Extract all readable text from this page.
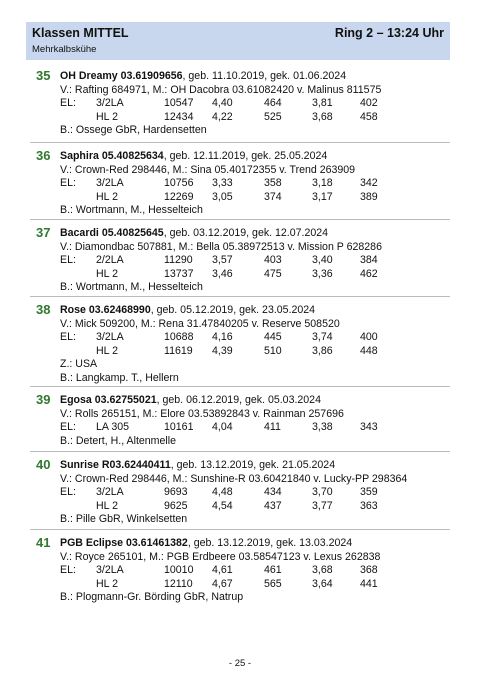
Klassen MITTEL	Ring 2 – 13:24 Uhr
Mehrkalbskühe
35 OH Dreamy 03.61909656, geb. 11.10.2019, gek. 01.06.2024
V.: Rafting 684971, M.: OH Dacobra 03.61082420 v. Malinus 811575
EL: 3/2LA	10547 4,40	464	3,81	402
HL 2	12434 4,22	525	3,68	458
B.: Ossege GbR, Hardensetten
36 Saphira 05.40825634, geb. 12.11.2019, gek. 25.05.2024
V.: Crown-Red 298446, M.: Sina 05.40172355 v. Trend 263909
EL: 3/2LA	10756 3,33	358	3,18	342
HL 2	12269 3,05	374	3,17	389
B.: Wortmann, M., Hesselteich
37 Bacardi 05.40825645, geb. 03.12.2019, gek. 12.07.2024
V.: Diamondbac 507881, M.: Bella 05.38972513 v. Mission P 628286
EL: 2/2LA	11290 3,57	403	3,40	384
HL 2	13737 3,46	475	3,36	462
B.: Wortmann, M., Hesselteich
38 Rose 03.62468990, geb. 05.12.2019, gek. 23.05.2024
V.: Mick 509200, M.: Rena 31.47840205 v. Reserve 508520
EL: 3/2LA	10688 4,16	445	3,74	400
HL 2	11619 4,39	510	3,86	448
Z.: USA
B.: Langkamp. T., Hellern
39 Egosa 03.62755021, geb. 06.12.2019, gek. 05.03.2024
V.: Rolls 265151, M.: Elore 03.53892843 v. Rainman 257696
EL: LA 305	10161 4,04	411	3,38	343
B.: Detert, H., Altenmelle
40 Sunrise R03.62440411, geb. 13.12.2019, gek. 21.05.2024
V.: Crown-Red 298446, M.: Sunshine-R 03.60421840 v. Lucky-PP 298364
EL: 3/2LA	9693 4,48	434	3,70	359
HL 2	9625 4,54	437	3,77	363
B.: Pille GbR, Winkelsetten
41 PGB Eclipse 03.61461382, geb. 13.12.2019, gek. 13.03.2024
V.: Royce 265101, M.: PGB Erdbeere 03.58547123 v. Lexus 262838
EL: 3/2LA	10010 4,61	461	3,68	368
HL 2	12110 4,67	565	3,64	441
B.: Plogmann-Gr. Börding GbR, Natrup
- 25 -
